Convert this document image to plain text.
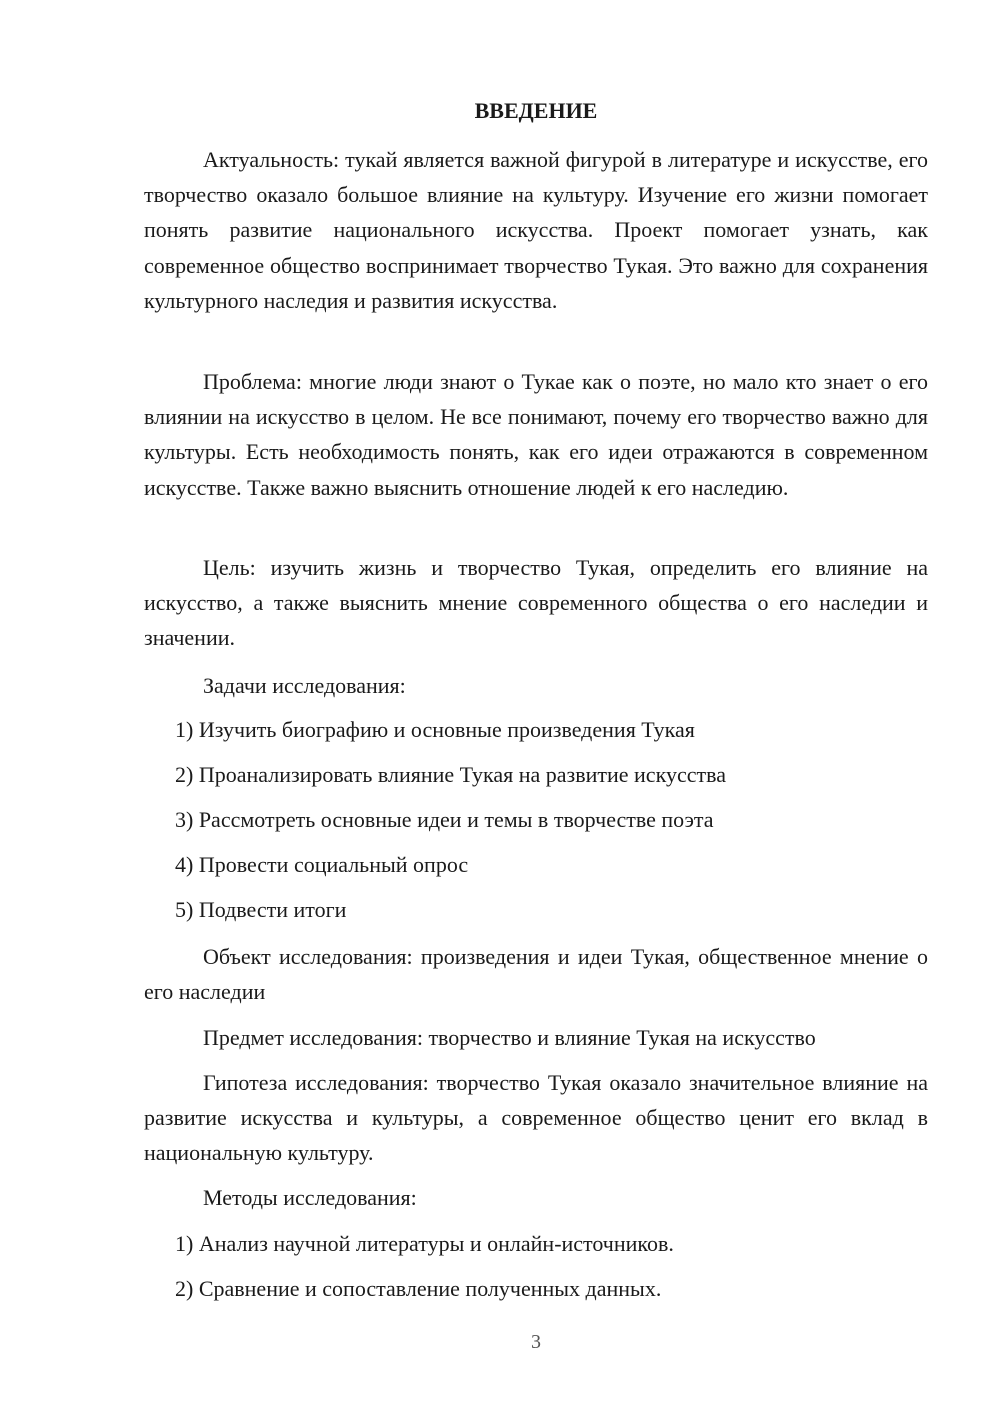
ВВЕДЕНИЕ

Актуальность: тукай является важной фигурой в литературе и искусстве, его творчество оказало большое влияние на культуру. Изучение его жизни помогает понять развитие национального искусства. Проект помогает узнать, как современное общество воспринимает творчество Тукая. Это важно для сохранения культурного наследия и развития искусства.

Проблема: многие люди знают о Тукае как о поэте, но мало кто знает о его влиянии на искусство в целом. Не все понимают, почему его творчество важно для культуры. Есть необходимость понять, как его идеи отражаются в современном искусстве. Также важно выяснить отношение людей к его наследию.

Цель: изучить жизнь и творчество Тукая, определить его влияние на искусство, а также выяснить мнение современного общества о его наследии и значении.

Задачи исследования:

1) Изучить биографию и основные произведения Тукая

2) Проанализировать влияние Тукая на развитие искусства

3) Рассмотреть основные идеи и темы в творчестве поэта

4) Провести социальный опрос

5) Подвести итоги

Объект исследования: произведения и идеи Тукая, общественное мнение о его наследии

Предмет исследования: творчество и влияние Тукая на искусство

Гипотеза исследования: творчество Тукая оказало значительное влияние на развитие искусства и культуры, а современное общество ценит его вклад в национальную культуру.

Методы исследования:

1) Анализ научной литературы и онлайн-источников.

2) Сравнение и сопоставление полученных данных.

3
